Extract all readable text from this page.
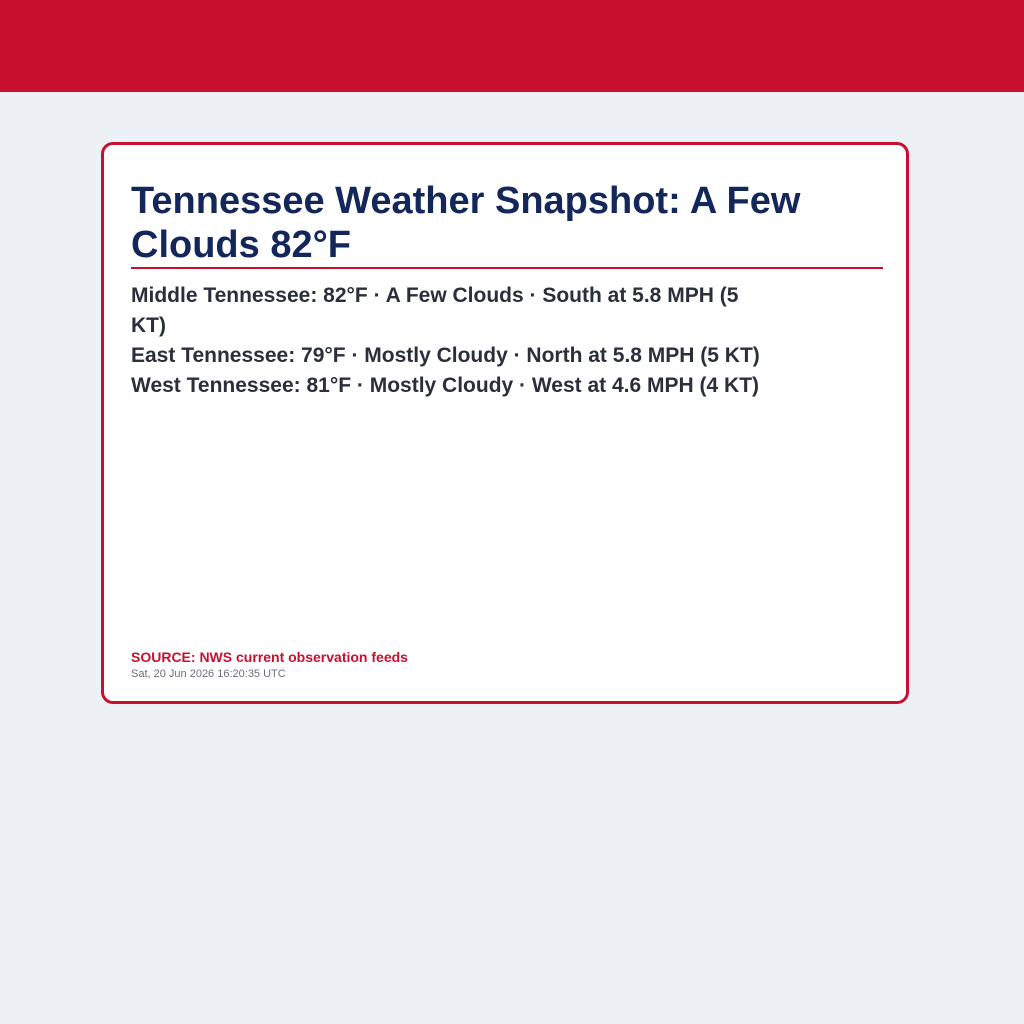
Tennessee Weather Snapshot: A Few Clouds 82°F
Middle Tennessee: 82°F · A Few Clouds · South at 5.8 MPH (5 KT)
East Tennessee: 79°F · Mostly Cloudy · North at 5.8 MPH (5 KT)
West Tennessee: 81°F · Mostly Cloudy · West at 4.6 MPH (4 KT)
SOURCE: NWS current observation feeds
Sat, 20 Jun 2026 16:20:35 UTC
